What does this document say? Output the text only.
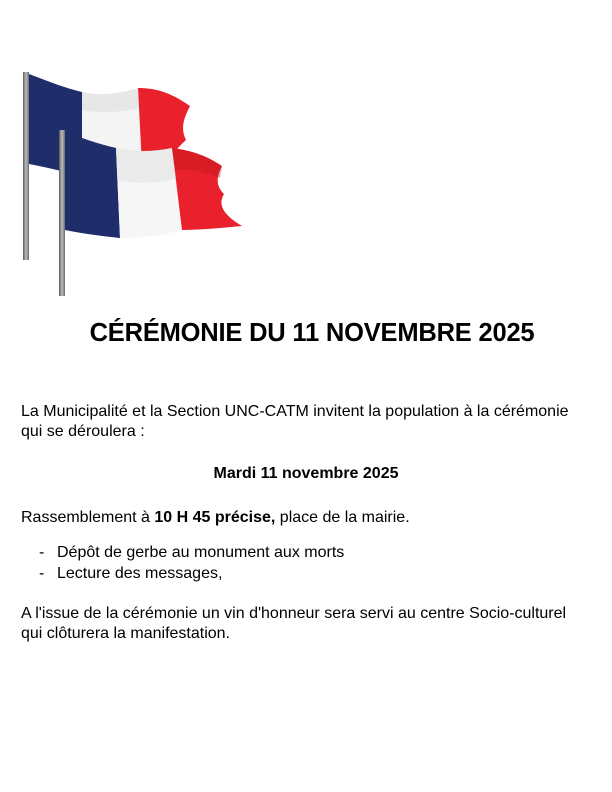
CÉRÉMONIE DU 11 NOVEMBRE 2025

La Municipalité et la Section UNC-CATM invitent la population à la cérémonie qui se déroulera :

Mardi 11 novembre 2025

Rassemblement à 10 H 45 précise, place de la mairie.

- Dépôt de gerbe au monument aux morts
- Lecture des messages,

A l'issue de la cérémonie un vin d'honneur sera servi au centre Socio-culturel qui clôturera la manifestation.
